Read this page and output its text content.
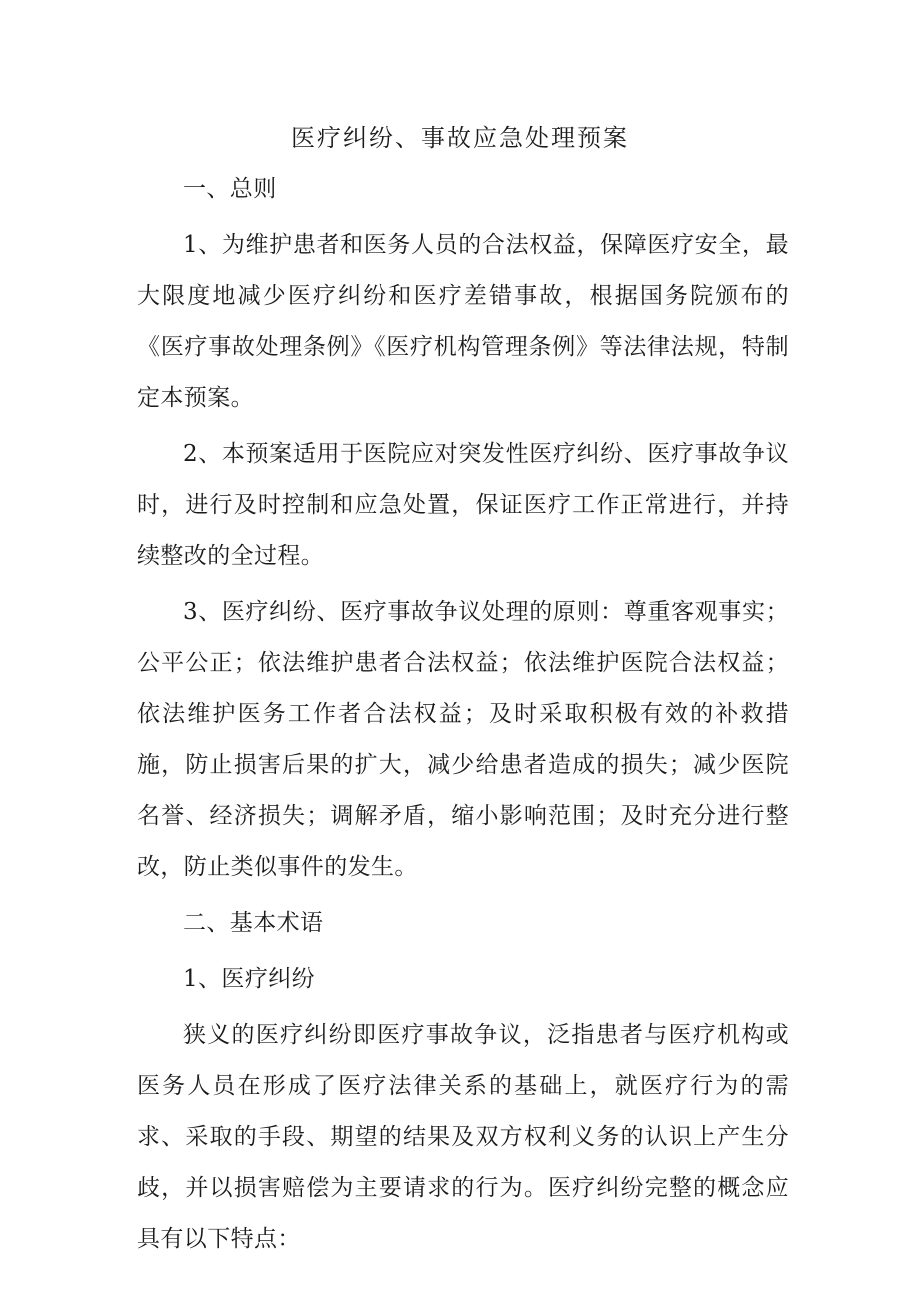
医疗纠纷、事故应急处理预案

一、总则

1、为维护患者和医务人员的合法权益，保障医疗安全，最大限度地减少医疗纠纷和医疗差错事故，根据国务院颁布的《医疗事故处理条例》《医疗机构管理条例》等法律法规，特制定本预案。

2、本预案适用于医院应对突发性医疗纠纷、医疗事故争议时，进行及时控制和应急处置，保证医疗工作正常进行，并持续整改的全过程。

3、医疗纠纷、医疗事故争议处理的原则：尊重客观事实；公平公正；依法维护患者合法权益；依法维护医院合法权益；依法维护医务工作者合法权益；及时采取积极有效的补救措施，防止损害后果的扩大，减少给患者造成的损失；减少医院名誉、经济损失；调解矛盾，缩小影响范围；及时充分进行整改，防止类似事件的发生。

二、基本术语

1、医疗纠纷

狭义的医疗纠纷即医疗事故争议，泛指患者与医疗机构或医务人员在形成了医疗法律关系的基础上，就医疗行为的需求、采取的手段、期望的结果及双方权利义务的认识上产生分歧，并以损害赔偿为主要请求的行为。医疗纠纷完整的概念应具有以下特点：
